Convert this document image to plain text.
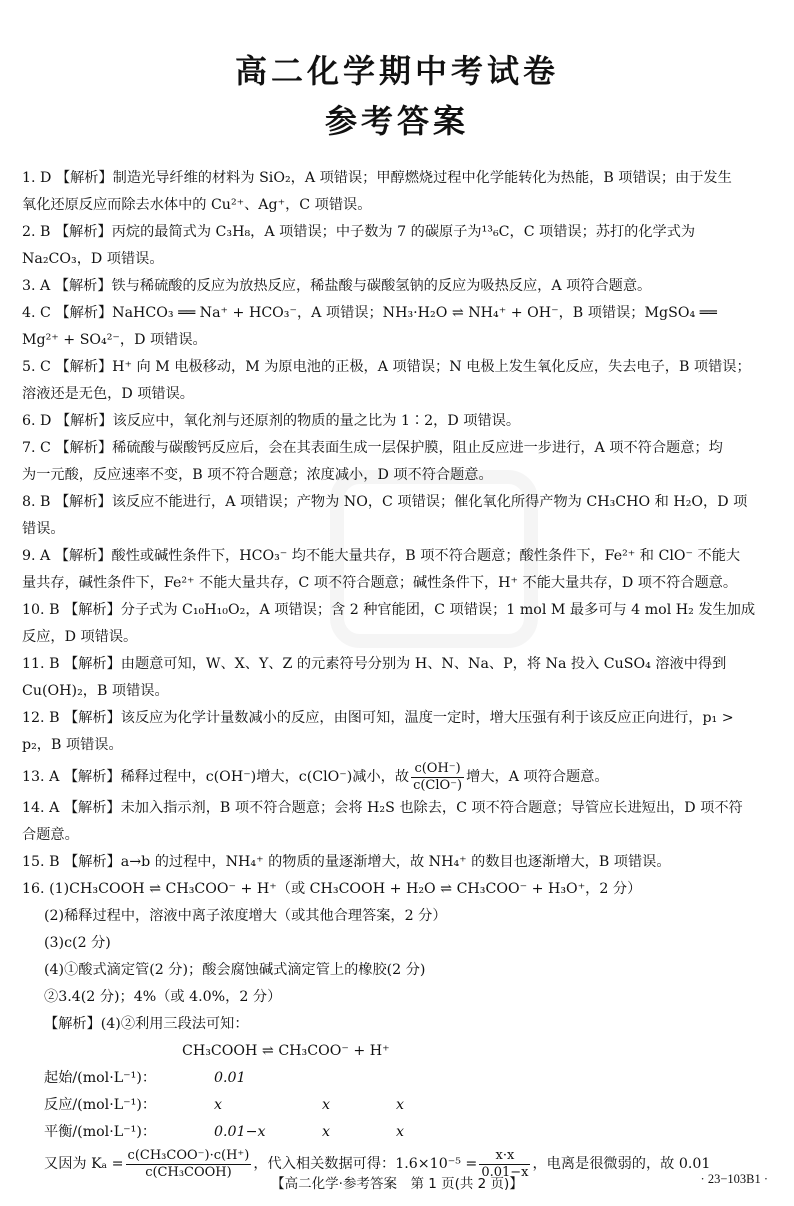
高二化学期中考试卷
参考答案
1. D 【解析】制造光导纤维的材料为 SiO₂，A 项错误；甲醇燃烧过程中化学能转化为热能，B 项错误；由于发生
氧化还原反应而除去水体中的 Cu²⁺、Ag⁺，C 项错误。
2. B 【解析】丙烷的最简式为 C₃H₈，A 项错误；中子数为 7 的碳原子为¹³₆C，C 项错误；苏打的化学式为
Na₂CO₃，D 项错误。
3. A 【解析】铁与稀硫酸的反应为放热反应，稀盐酸与碳酸氢钠的反应为吸热反应，A 项符合题意。
4. C 【解析】NaHCO₃ ══ Na⁺ + HCO₃⁻，A 项错误；NH₃·H₂O ⇌ NH₄⁺ + OH⁻，B 项错误；MgSO₄ ══
Mg²⁺ + SO₄²⁻，D 项错误。
5. C 【解析】H⁺ 向 M 电极移动，M 为原电池的正极，A 项错误；N 电极上发生氧化反应，失去电子，B 项错误；
溶液还是无色，D 项错误。
6. D 【解析】该反应中，氧化剂与还原剂的物质的量之比为 1∶2，D 项错误。
7. C 【解析】稀硫酸与碳酸钙反应后，会在其表面生成一层保护膜，阻止反应进一步进行，A 项不符合题意；均
为一元酸，反应速率不变，B 项不符合题意；浓度减小，D 项不符合题意。
8. B 【解析】该反应不能进行，A 项错误；产物为 NO，C 项错误；催化氧化所得产物为 CH₃CHO 和 H₂O，D 项
错误。
9. A 【解析】酸性或碱性条件下，HCO₃⁻ 均不能大量共存，B 项不符合题意；酸性条件下，Fe²⁺ 和 ClO⁻ 不能大
量共存，碱性条件下，Fe²⁺ 不能大量共存，C 项不符合题意；碱性条件下，H⁺ 不能大量共存，D 项不符合题意。
10. B 【解析】分子式为 C₁₀H₁₀O₂，A 项错误；含 2 种官能团，C 项错误；1 mol M 最多可与 4 mol H₂ 发生加成
反应，D 项错误。
11. B 【解析】由题意可知，W、X、Y、Z 的元素符号分别为 H、N、Na、P，将 Na 投入 CuSO₄ 溶液中得到
Cu(OH)₂，B 项错误。
12. B 【解析】该反应为化学计量数减小的反应，由图可知，温度一定时，增大压强有利于该反应正向进行，p₁ >
p₂，B 项错误。
13. A 【解析】稀释过程中，c(OH⁻)增大，c(ClO⁻)减小，故 $\frac{c(OH^-)}{\text{c(ClO⁻)}}$ 增大，A 项符合题意。
14. A 【解析】未加入指示剂，B 项不符合题意；会将 H₂S 也除去，C 项不符合题意；导管应长进短出，D 项不符
合题意。
15. B 【解析】a→b 的过程中，NH₄⁺ 的物质的量逐渐增大，故 NH₄⁺ 的数目也逐渐增大，B 项错误。
16. (1)CH₃COOH ⇌ CH₃COO⁻ + H⁺（或 CH₃COOH + H₂O ⇌ CH₃COO⁻ + H₃O⁺，2 分）
(2)稀释过程中，溶液中离子浓度增大（或其他合理答案，2 分）
(3)c(2 分)
(4)①酸式滴定管(2 分)；酸会腐蚀碱式滴定管上的橡胶(2 分)
②3.4(2 分)；4%（或 4.0%，2 分）
【解析】(4)②利用三段法可知：
CH₃COOH ⇌ CH₃COO⁻ + H⁺
起始/(mol·L⁻¹)：	0.01
反应/(mol·L⁻¹)：	x	x	x
平衡/(mol·L⁻¹)：	0.01−x	x	x
又因为 $K_a = \frac{\text{c(CH₃COO⁻)·c(H⁺)}}{\text{c(CH₃COOH)}}$ ，代入相关数据可得：$1.6\times 10^{-5} = \frac{x\cdot x}{0.01-x}$ ，电离是很微弱的，故 0.01
【高二化学·参考答案　第 1 页(共 2 页)】	· 23−103B1 ·
